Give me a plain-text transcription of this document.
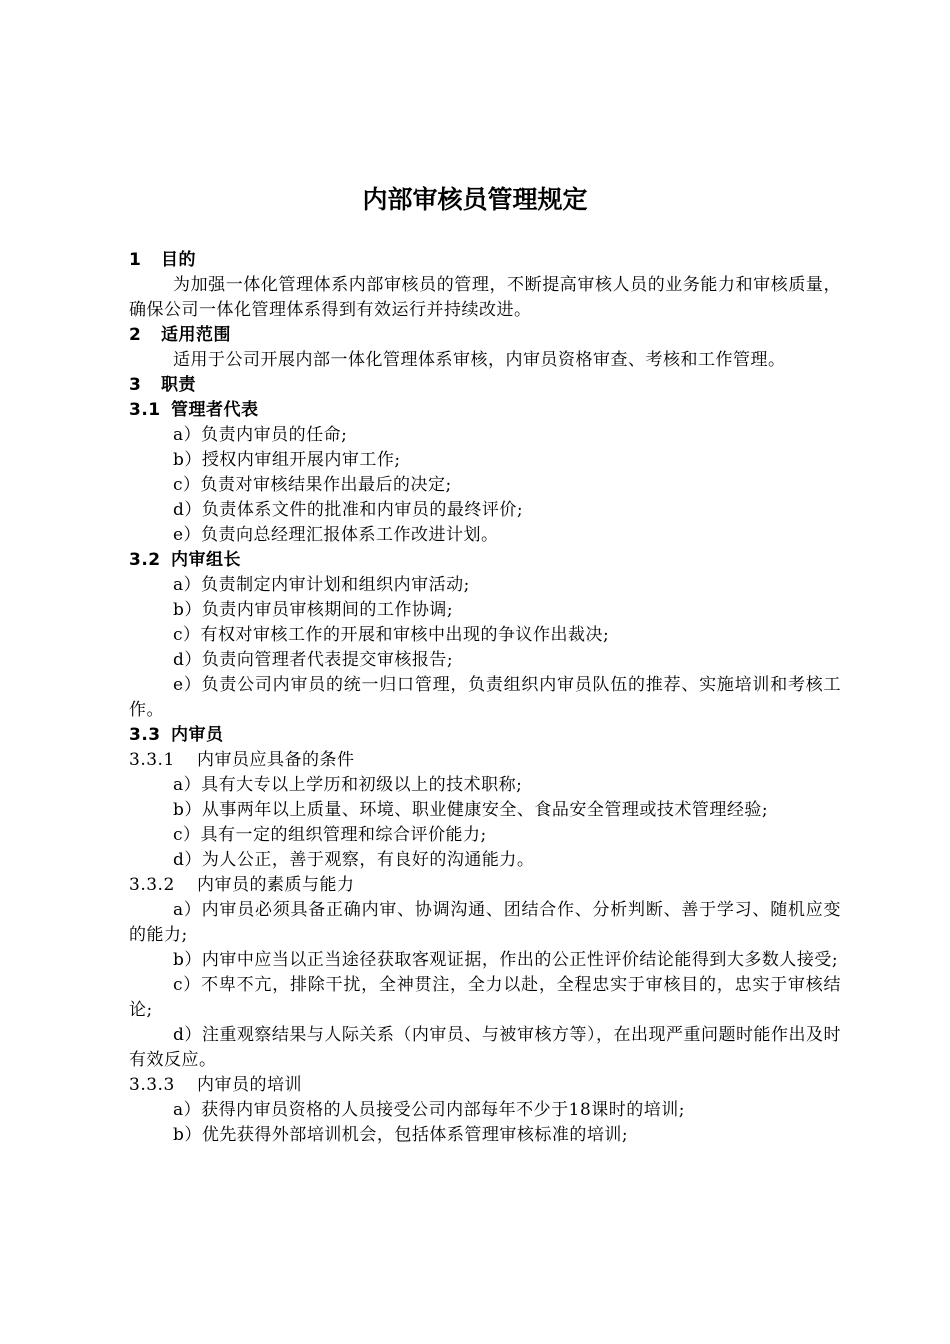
内部审核员管理规定

1 目的

为加强一体化管理体系内部审核员的管理，不断提高审核人员的业务能力和审核质量，确保公司一体化管理体系得到有效运行并持续改进。

2 适用范围

适用于公司开展内部一体化管理体系审核，内审员资格审查、考核和工作管理。

3 职责

3.1 管理者代表

a）负责内审员的任命;

b）授权内审组开展内审工作;

c）负责对审核结果作出最后的决定;

d）负责体系文件的批准和内审员的最终评价;

e）负责向总经理汇报体系工作改进计划。

3.2 内审组长

a）负责制定内审计划和组织内审活动;

b）负责内审员审核期间的工作协调;

c）有权对审核工作的开展和审核中出现的争议作出裁决;

d）负责向管理者代表提交审核报告;

e）负责公司内审员的统一归口管理，负责组织内审员队伍的推荐、实施培训和考核工作。

3.3 内审员

3.3.1 内审员应具备的条件

a）具有大专以上学历和初级以上的技术职称;

b）从事两年以上质量、环境、职业健康安全、食品安全管理或技术管理经验;

c）具有一定的组织管理和综合评价能力;

d）为人公正，善于观察，有良好的沟通能力。

3.3.2 内审员的素质与能力

a）内审员必须具备正确内审、协调沟通、团结合作、分析判断、善于学习、随机应变的能力;

b）内审中应当以正当途径获取客观证据，作出的公正性评价结论能得到大多数人接受;

c）不卑不亢，排除干扰，全神贯注，全力以赴，全程忠实于审核目的，忠实于审核结论;

d）注重观察结果与人际关系（内审员、与被审核方等），在出现严重问题时能作出及时有效反应。

3.3.3 内审员的培训

a）获得内审员资格的人员接受公司内部每年不少于18课时的培训;

b）优先获得外部培训机会，包括体系管理审核标准的培训;
